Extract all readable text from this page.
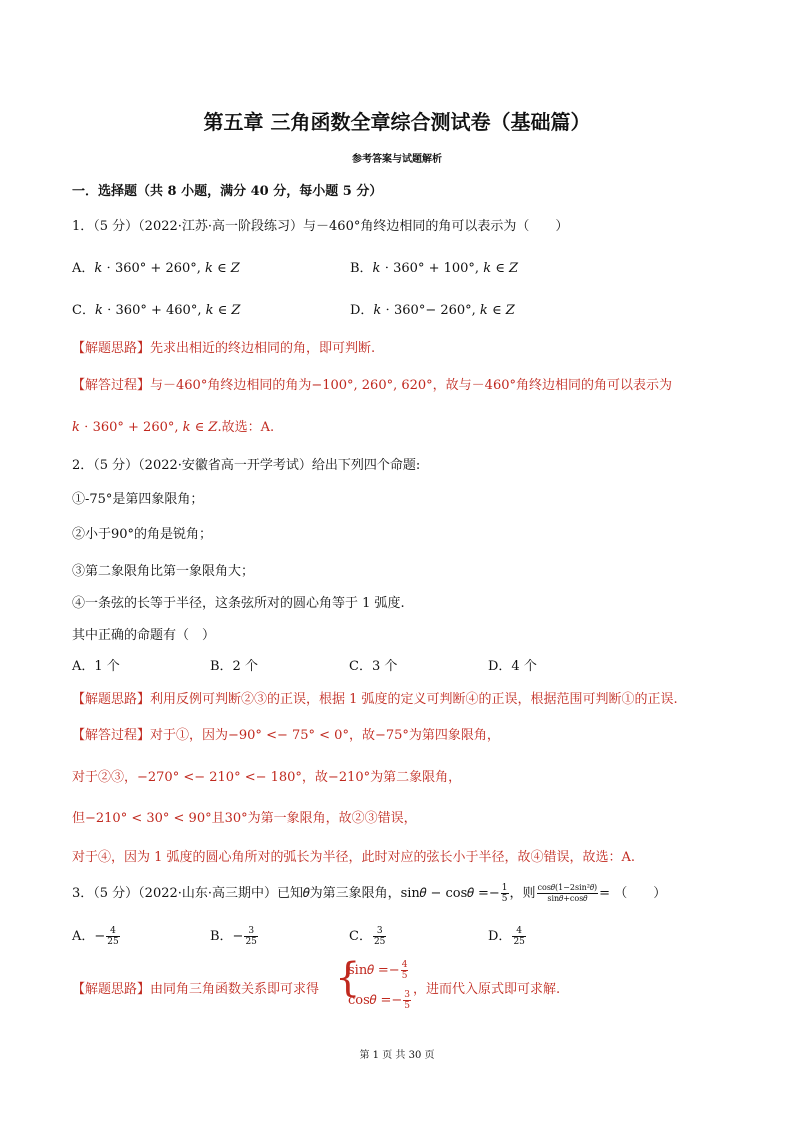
第五章 三角函数全章综合测试卷（基础篇）
参考答案与试题解析
一．选择题（共 8 小题，满分 40 分，每小题 5 分）
1．（5 分）（2022·江苏·高一阶段练习）与－460°角终边相同的角可以表示为（　　）
A．𝑘 ⋅ 360° + 260°, 𝑘 ∈ 𝑍	B．𝑘 ⋅ 360° + 100°, 𝑘 ∈ 𝑍
C．𝑘 ⋅ 360° + 460°, 𝑘 ∈ 𝑍	D．𝑘 ⋅ 360°− 260°, 𝑘 ∈ 𝑍
【解题思路】先求出相近的终边相同的角，即可判断.
【解答过程】与－460°角终边相同的角为−100°, 260°, 620°，故与－460°角终边相同的角可以表示为
𝑘 ⋅ 360° + 260°, 𝑘 ∈ 𝑍.故选：A.
2．（5 分）（2022·安徽省高一开学考试）给出下列四个命题:
①-75°是第四象限角；
②小于90°的角是锐角；
③第二象限角比第一象限角大；
④一条弦的长等于半径，这条弦所对的圆心角等于 1 弧度.
其中正确的命题有（　）
A．1 个	B．2 个	C．3 个	D．4 个
【解题思路】利用反例可判断②③的正误，根据 1 弧度的定义可判断④的正误，根据范围可判断①的正误.
【解答过程】对于①，因为−90° <− 75° < 0°，故−75°为第四象限角，
对于②③，−270° <− 210° <− 180°，故−210°为第二象限角，
但−210° < 30° < 90°且30°为第一象限角，故②③错误，
对于④，因为 1 弧度的圆心角所对的弧长为半径，此时对应的弦长小于半径，故④错误，故选：A.
3．（5 分）（2022·山东·高三期中）已知𝜃为第三象限角，sin𝜃 − cos𝜃 =− $\frac{1}{5}$ ，则 $\frac{\text{cos𝜃(1−2sin²𝜃)}}{\text{sin𝜃+cos𝜃}}$ = （　　）
A．− $\frac{4}{25}$	B．− $\frac{3}{25}$	C． $\frac{3}{25}$	D． $\frac{4}{25}$
【解题思路】由同角三角函数关系即可求得 {
sin𝜃 =− $\frac{4}{5}$
cos𝜃 =− $\frac{3}{5}$
，进而代入原式即可求解.
第 1 页 共 30 页
